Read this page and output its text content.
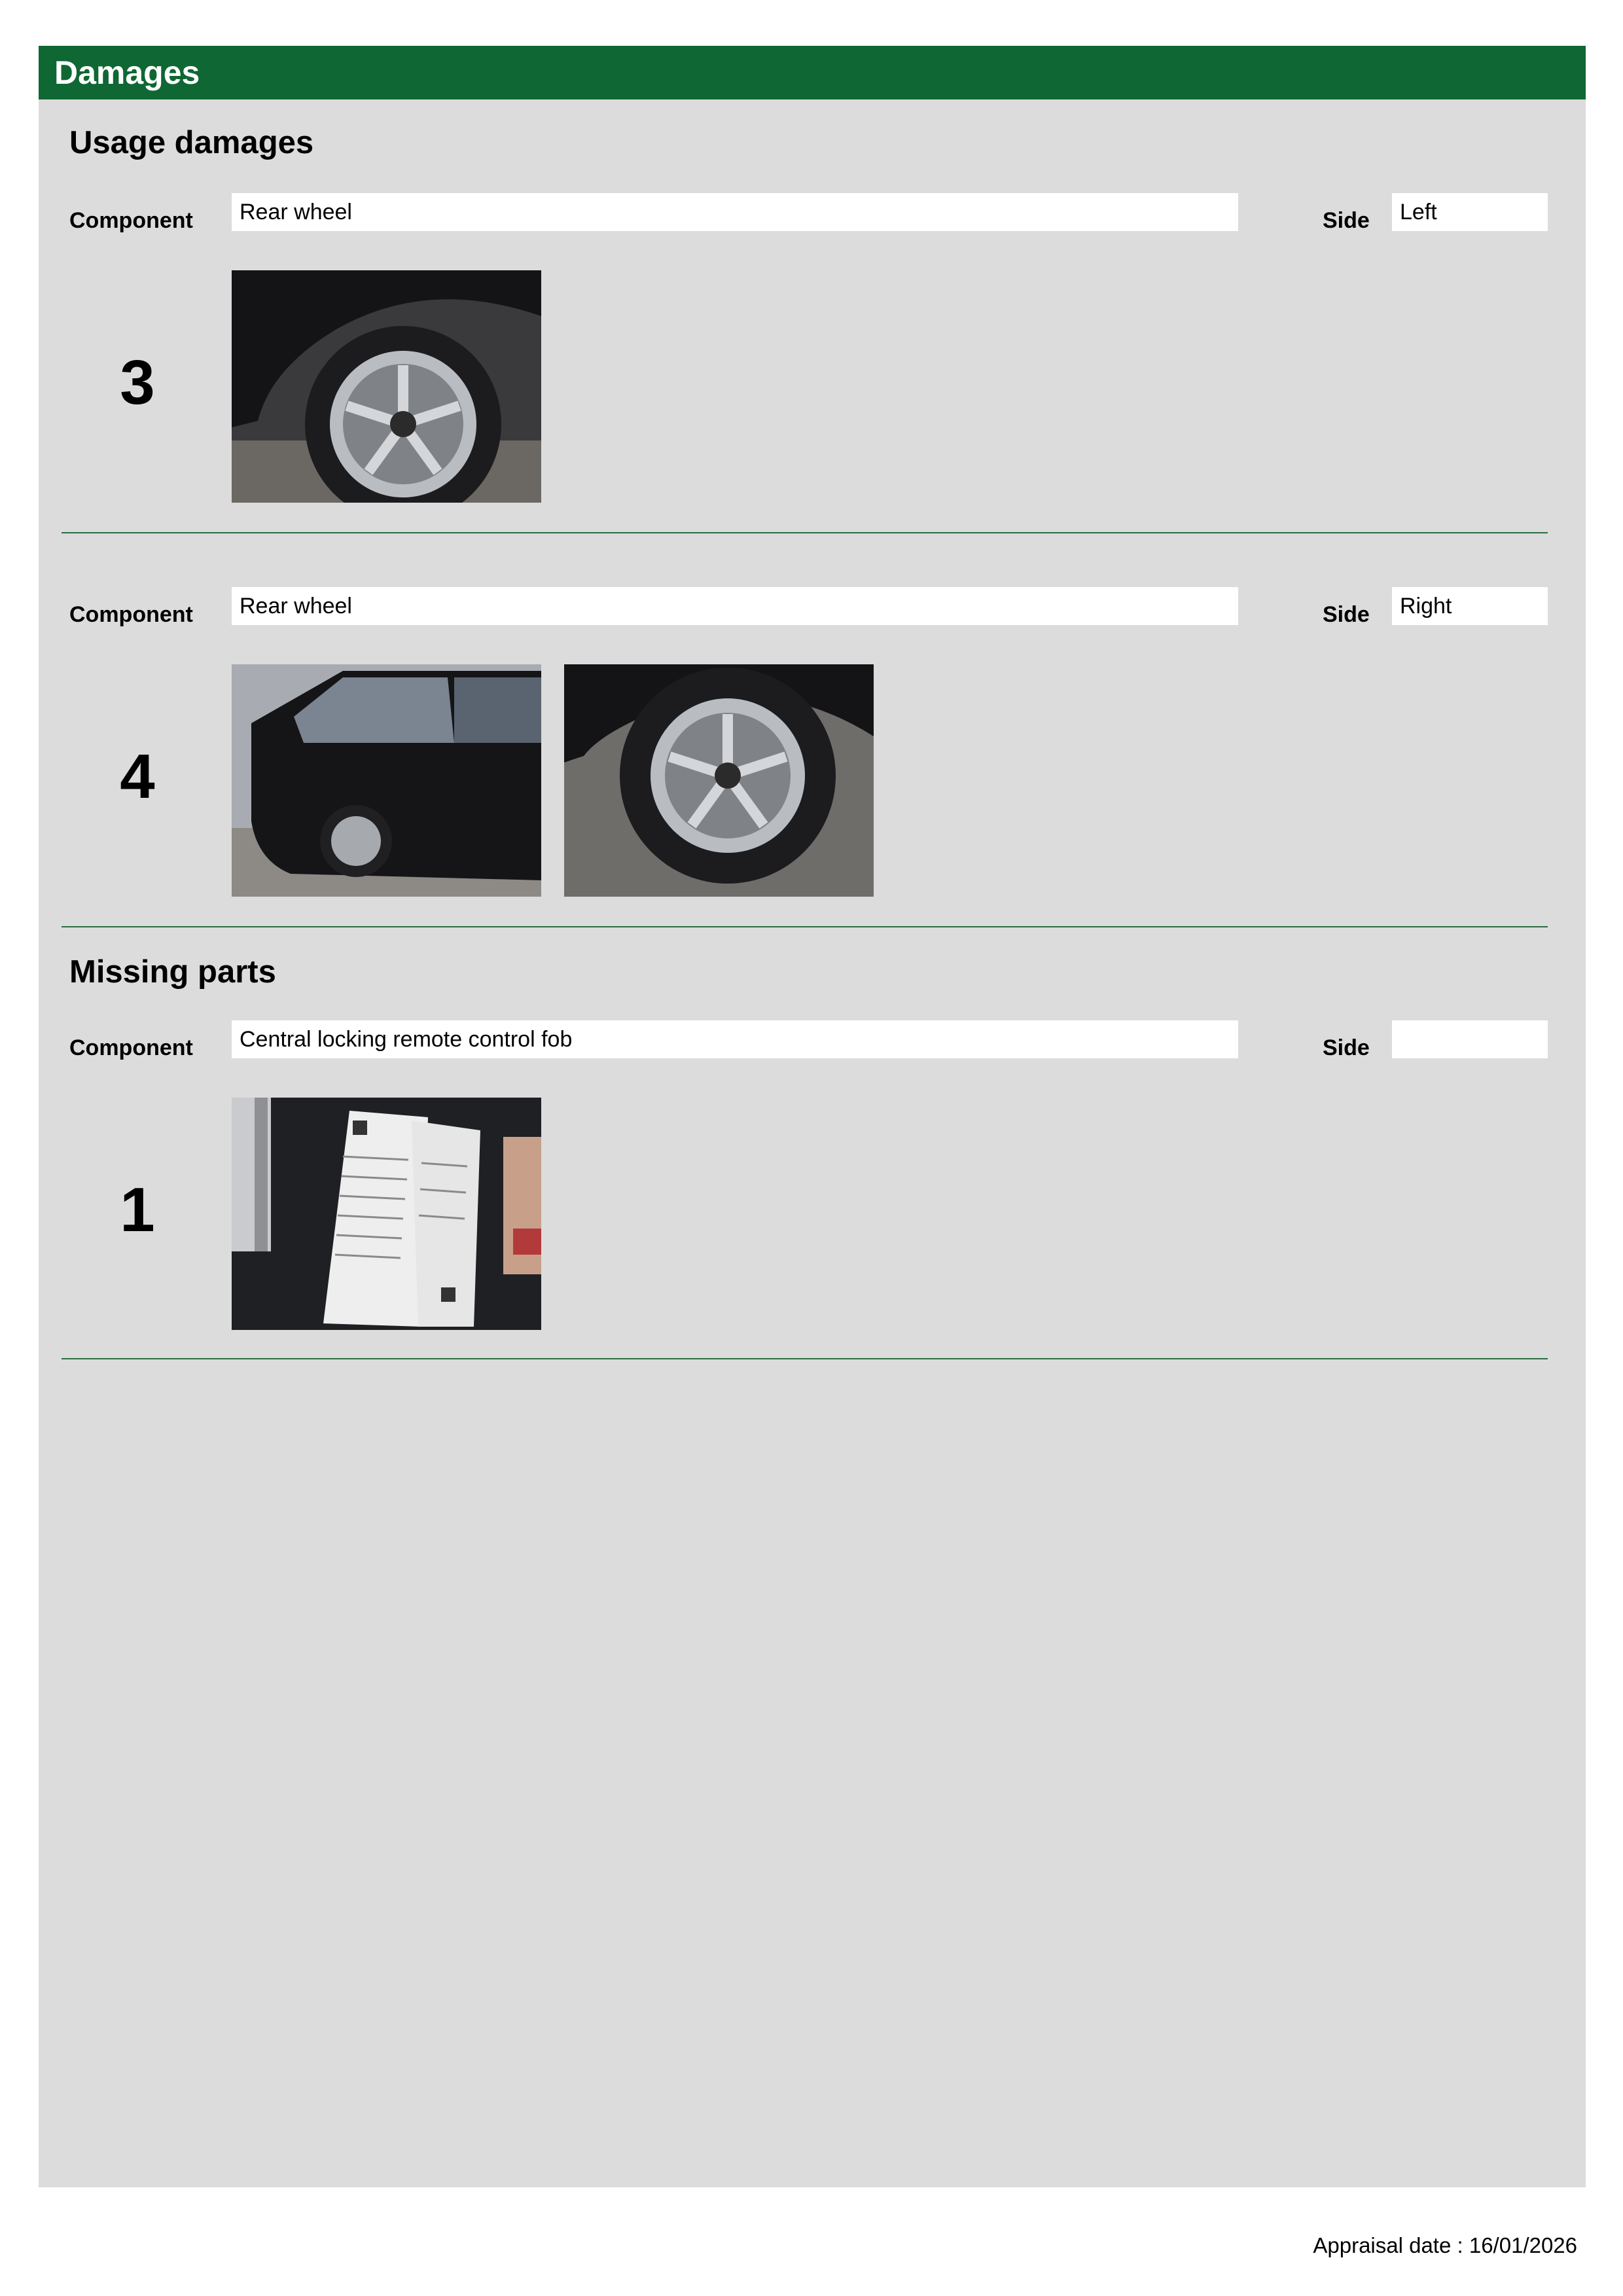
Damages
Usage damages
Component	Rear wheel	Side	Left
3
Component	Rear wheel	Side	Right
4
Missing parts
Component	Central locking remote control fob	Side
1
Appraisal date : 16/01/2026
